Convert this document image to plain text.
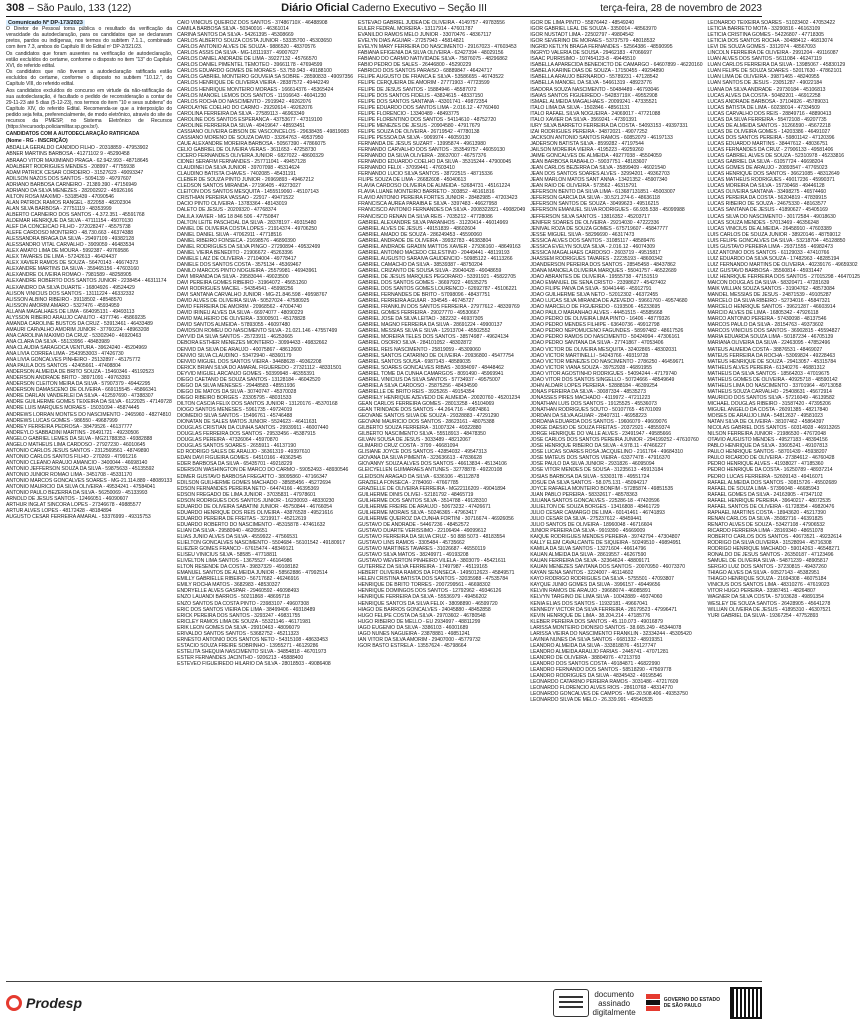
308 – São Paulo, 133 (122)	Diário Oficial Caderno Executivo – Seção III	terça-feira, 28 de novembro de 2023
Comunicado Nº DP-173/2023

O Diretor de Pessoal torna pública o resultado da verificação da veracidade da autodeclaração, para os candidatos que se declararam pretos, pardos ou indígenas, nos termos do subitem 7.1.1., combinado com item 7.3, ambos do Capítulo III do Edital nº DP-2/321/23.

Os candidatos que foram ausentes na verificação de autodeclaração, estão excluídos do certame, conforme o disposto no item "13" do Capítulo XVI, do referido edital.

Os candidatos que não tiveram a autodeclaração ratificada estão excluídos do certame, conforme o disposto no subitem "10.12.", do Capítulo VIII, do referido edital.

Aos candidatos excluídos do concurso em virtude da não-ratificação de sua autodeclaração, é facultado o pedido de reconsideração a contar de 29-11-23 até 5 dias (5-12-23), nos termos do item "10 e seus subitens" do Capítulo XIV, do referido Edital. Recomenda-se que a interposição do pedido seja feita, preferencialmente, de modo eletrônico, através do site de recursos da PMESP, no Sistema Eletrônico de Recursos (https://recursodp.policiamilitar.sp.gov.br/).

CANDIDATOS COM A AUTODECLARAÇÃO RATIFICADA
(Nome - RG - INSCRIÇÃO)
ABDALLA GERALDO CANDIDO FILHO - 20318859 - 47953902
ABNER MARTINS BARBOSA - 41271102 9 - 45290458
ABRAAO VITOR MAXIMIANO PRAGA - 62.942.993 - 48718645
ADALBERT RODRIGUES MENDES - 208997 - 47755938
ADAM PATRICK CESAR CORDEIRO - 31527623 - 49093347
ADILSON NAZOS DOS SANTOS - 5094139 - 49797607
ADRIANO BARBOSA CARNEIRO - 21389.390 - 47156949
ADRIANO DA SILVA MENEZES - 282002922 - 45926166
AILTON ROSA MAXIMO - 53185439 - 47090546
ALAN PATRICK RAMOS RANGEL - 822058 - 48202304
ALAN SILVA BARBOSA - 27751119 - 48353999
ALBERTO CARNEIRO DOS SANTOS - 4.372.351 - 45591768
ALDEMAR HENRIQUE DA SILVA - 47111154 - 45070130
ALEF DA CONCEICAO FILHO - 272028247 - 45575738
ALEFE CARDOSO MONTEIRO - 48.730.663 - 46374388
ALESSANDRA BRAGA DA SILVA - 29497109 - 49382128
ALESSANDRO VITAL CARVALHO - 3909059 - 46483534
ALEX AMATO LIMA DE MOURA - 5992387 - 49769586
ALEX TAVARES DE LIMA - 57242613 - 46424437
ALEX XAVIER RAMOS DE SOUZA - 56470143 - 46674373
ALEXANDRE MARTINS DA SILVA - 359465156 - 47603160
ALEXANDRE OLIVEIRA ROMAO - 7981589 - 48258905
ALEXANDRE ROBERTO DOS SANTOS JUNIOR - 2238454 - 46311174
ALEXANDRO DA SILVA DUARTE - 16804926 - 49524429
ALISON VINICIUS DOS SANTOS - 13111224 - 46332332
ALISSON ALBINO RIBEIRO - 39118502 - 48548570
ALISSON AMORIM AMARO - 5327476 - 45934959
ALLANA MAGALHAES DE LIMA - 664095131 - 49493113
ALYSSON RIBEIRO ARAUJO CANUTO - 4377746 - 45869235
AMANDA CAROLINE BUSTOS DA CRUZ - 53913461 - 46433489
AMAURI CARVALHO AMORIM JUNIOR - 37760224 - 48963208
ANA CAROLINA MAXIMO DA CRUZ - 53302940 - 46920463
ANA CLARA DA SILVA - 55133956 - 48483989
ANA CLAUDIA SARAGOCA VENTURA - 39624240 - 45204969
ANA LIVIA CORREA LIMA - 2543953003 - 47426730
ANA LIVIA GONCALVES PINHEIRO - 25132897 - 45175772
ANA PAULA DOS SANTOS - 42405661 - 47408804
ANDERSON ALMEIDA DE BRITO SOUZA - 15460346 - 45192523
ANDERSON ANDRADE BRITO - 38971091 - 49763393
ANDERSON CLEITON MEIRA DA SILVA - 57907379 - 49442295
ANDERSON DAMASCENO DE OLIVEIRA - 669115545 - 45866341
ANDRE DARLAN VANDERLEI DA SILVA - 412597690 - 47388307
ANDRE GUILHERME GOMES TEIXEIRA DA SILVA - 6122025 - 47149728
ANDRE LUIS MARQUES MORAES - 15031094 - 45874445
ANDREWS LORRAN MONTES DO NASCIMENTO - 2465960 - 48274810
ANDREWS LUCAS GOMES - 986550 - 49687999
ANDREY FERREIRA PEDROSA - 38479526 - 46137777
ANDREYLO SABBADINI MARTINS - 26491721 - 49230506
ANGELO GABRIEL LEMES DA SILVA - MG21788353 - 49382888
ANGELO MATHEUS LIMA CARDOSO - 27927230 - 46010645
ANTONIO CARLOS JESUS SANTOS - 2312569561 - 48749890
ANTONIO CARLOS SANTOS FILHO - 270269 - 47991216
ANTONIO CLEANO ARAUJO AMANCIO - 3400044 - 46698140
ANTONIO JEFFERSON SOUZA DA SILVA - 59875633 - 45135592
ANTONIO JUNIOR ROMAO LIMA - 3451708 - 45331170
ANTONIO MARCOS GONCALVES SOARES - MG-21.114.889 - 48089133
ANTONIO MAURICIO DA SILVA OLIVEIRA - 49534241 - 47584041
ANTONIO PAULO BEZERRA DA SILVA - 56250069 - 45133993
ARNOLD DE JESUS SANTOS - 12466051 - 46090607
ARTHUR INGLAT SINCORA LOPES - 27346678 - 49885577
ARTUR ALVES LOPES - 48172428 - 48184894
AUGUSTO CESAR FERREIRA AMARAL - 53376999 - 49315753
CAIO VINICIUS QUEIROZ DOS SANTOS - 37486710X - 46488908
CAMILA BARBOSA SILVA - 50340016 - 46361014
CARINA SANTOS DA SILVA - 54261395 - 45308669
CARLOS ALBERTO SOUZA COSTA JUNIOR - 53335700 - 45303650
CARLOS ANTONIO ALVES DE SOUZA - 9886520 - 48370576
CARLOS ASSIS DA SILVA - MG-18111937 - 49007627
CARLOS DANIEL ANDRADE DE LIMA - 39227132 - 45766570
CARLOS DANIEL PIMENTEL TEMOTEO - 39661178 - 47694599
CARLOS EDUARDO GOMES DE MORAES - 53.759.943 - 49188100
CARLOS GABRIEL MONTEIRO GOUVEIA SA SOBRE - 28590833 - 49097356
CARLOS HENRIQUE DE OLIVEIRA VIEIRA - 28387572 - 49442249
CARLOS HENRIQUE MONTEIRO MORAES - 166614376 - 45365424
CARLOS MANOEL LEMOS DOS SANTOS - 11916643 - 46041230
CARLOS ROCHA DO NASCIMENTO - 2919942 - 49262076
CAROLAYNE COELHO DO CARMO - 29292614 - 49262076
CAROLINA FERREIRA DA SILVA - 27589113 - 46963349
CAROLINE DOS SANTOS ESPERANCA - 43753677 - 47319100
CAROLINE FERREIRA DA SILVA - 49419647 - 48593451
CASSIANO OLIVEIRA GIBSON DE VASCONCELOS - 29638435 - 49819083
CASSIANO MORENO DE SOUZA DAVID - 33264763 - 49537950
CAUE ALEXANDRE MOREIRA BARBOSA - 50567390 - 47866075
CELIO GABRIEL DE OLIVEIRA VERAS - 3611653 - 47258730
CICERO FERNANDES OLIVEIRA JUNIOR - 6827022 - 48600329
CIDNEI SERAFIM FERNANDES - 257711041 - 49457128
CLAUDINEI DA SILVA JUNIOR - 39707098 - 45314624
CLAUDINO BATISTA CHAVES - 7402085 - 45431191
CLEBER DE SOUZA PINTO JUNIOR - 26969893 - 49467212
CLEDSON SANTOS MIRANDA - 27196405 - 49273027
CLEITON DOS SANTOS MESQUITA - 1455519060 - 45107143
CRISTHIAN PEREIRA VASSAO - 22917 - 49471522
DACIO PINTO OLIVEIRA - 13783364 - 48143019
DALETO DE JESUS - 20209320 - 47768374
DALILA XAVIER - MG 18 846 506 - 47750847
DALTON LEITE PASCHOAL DA SILVA - 28378197 - 49315480
DANIEL DE OLIVEIRA COSTA LOPES - 21914374 - 49706250
DANIEL DANIEL SILVA - 47062911 - 47718516
DANIEL RIBEIRO FONSECA - 21698576 - 46890390
DANIEL RODRIGUES DA SILVA PINGO - 27290894 - 49532499
DANIEL VIEIRA BENEDITO - 21906672 - 45263396
DANIELE LAIZ DE OLIVEIRA - 27104004 - 49778417
DANIELE DOS SANTOS COSTA - 3575134 - 45369467
DANILO MARCOS PINTO NOGUEIRA - 25579981 - 46943961
DAVI MIRANDA DA SILVA - 29583044 - 49023500
DAVI PEREIRA GOMES RIBEIRO - 31964072 - 45651260
DAVI RODRIGUES MACIEL - 54354541 - 45998256
DAVI SANTANA CARVALHO JUNIOR - MG-21.846.598 - 49598767
DAVID ALVES DE OLIVEIRA SILVA - 50527024 - 47580925
DAVID FERREIRA DE AMORIM - 20968562 - 47004740
DAVID IRINEU ALVES DA SILVA - 66974077 - 48090229
DAVID MALHEIRO DE OLIVEIRA - 33000501 - 45178828
DAVID SANTOS ALMEIDA - 57893055 - 46097480
DAVIDSON ROMEU DO NASCIMENTO SILVA - 21.021.146 - 47557499
DAYVID DA SILVA SANTOS - 25723911 - 46253665
DEBORA ESTHER MENEZES MONTEIRO - 30994433 - 49832662
DENVID DA SILVA DE ARAUJO - 40075867 - 48612600
DENVIO SILVA CLAUDINO - 53472940 - 48360179
DENVID MIGUEL DOS SANTOS VIEIRA - 34488628 - 49362208
DERICK BRIAN SILVA DO AMARAL FIGUEREDO - 27321112 - 48331501
DEYVID MIGUEL ARCANJO GOMES - 50399948 - 46355391
DIEGO CAETANO DE SOUZA SANTOS - 13128184 - 46042520
DIEGO DA SILVA MENESES - 29448583 - 48551936
DIEGO DE MATOS DA SILVA - 30740747 - 45370028
DIEGO RIBEIRO BORGES - 23305795 - 48031533
DILTON CASCIA FELIX DOS SANTOS JUNIOR - 13120176 - 45370168
DIOGO SANTOS MENESES - 5961735 - 49724019
DIOMEDIO SILVA SANTOS - 15496761 - 45746488
DIONATAN DE SALES MATOS JUNIOR - 5524623 - 46411631
DOUGLAS CRISTIAN DA CUNHA SANTOS - 29939911 - 46007440
DOUGLAS FERREIRA DOS SANTOS - 29533456 - 45387915
DOUGLAS PEREIRA - 47326064 - 45970870
DOUGLAS SANTOS SOARES - 2655911 - 46137190
ED RODRIGO SALES DE ARAUJO - 36361319 - 49397610
EDAN DAVI FIGUEIRA GOMES - 64510166 - 49362545
EDER BARBOSA DA SILVA - 65435701 - 49218229
EDERSON WASHINGTON DE MARCO DO CARMO - 59052493 - 48930546
EDMER GUSTAVO BARBOSA FREGATTO - 38095860 - 47166347
EDILSON GUILHERME GOMES MACHADO - 38585456 - 45272694
EDSON FERNANDES PEREIRA NETO - 64474166 - 46395369
EDSON FREGADO DE LIMA JUNIOR - 37035831 - 47978601
EDSON RODRIGUES DOS SANTOS JUNIOR - 16230093 - 48330230
EDUARDO DE OLIVEIRA SABATINI JUNIOR - 45750844 - 46766054
EDUARDO HENRIQUE DOS REIS OLIVEIRA - 43876528 - 49521616
EDUARDO PEREIRA DE FREITAS - 3219917 - 45212619
EDUARDO ROBERTO DO NASCIMENTO - 45315878 - 47461632
ELIAN DA SILVA - 29580940 - 46205651
ELIAS JUNIO ALVES DA SILVA - 4559922 - 47566531
ELIELTON GONCALVES NASCIMENTO - 5504684 - 56101542 - 49180917
ELIEZER GOMES FRANCO - 67615474 - 48349121
ELISEU VINICIUS SILVA - 58585 - 47718811
ELIVELTON LIMA SANTOS - 13675527 - 46164986
ELTON RESENDE DA COSTA - 39837329 - 49108182
EMANUEL SANTOS DE ALMEIDA JUNIOR - 58562886 - 47992514
EMILLY GABRIELLE RIBEIRO - 56717682 - 46246916
EMILY ROCHA MATOS - 3682983 - 48530327
ENDRYELLE ALVES GASPAR - 29460592 - 46098493
ENZO LAUANDI BARROS - 50211868 - 48695718
ENZO SANTOS DA COSTA PINTO - 23983107 - 49607308
ERIC DOS SANTOS VIEIRA DE LIMA - 38499406 - 49318489
ERICK PEREIRA DOS SANTOS - 3293247 - 49831755
ERICLEY RAMOS LIMA DE SOUZA - 55321146 - 46171981
ERIK LEON GOMES DA SILVA - 29910463 - 48096079
ERIVALDO SANTOS SANTOS - 53682752 - 45211323
ERNESTO ANTONIO DOS SANTOS NETO - 54315108 - 48633453
ESTACIO SOUZA FREIRE SOBRINHO - 13955271 - 46129286
ESTELITA SHEQUIA NASCIMENTO SILVA - 34854818 - 46701973
ESTER FERNANDES JACINTHO - 9206213 - 45888400
ESTEVEO FIGUEIREDO HILARIO DA SILVA - 28018503 - 49086408
ESTEVAO GABRIEL JUDEA DE OLIVEIRA - 4149757 - 49783556
EULER FEDRAL MOREIRA - 13117914 - 47601787
EVANILDO RAMOS MELO JUNIOR - 33070476 - 48367117
EVELYN DIAS AGUIAR - 27257943 - 45814821
EVELYN MARY FERREIRA DO NASCIMENTO - 29167023 - 47603453
FABIANA EFIGENIA DA SILVA OLIVEIRA - 62427394 - 48029156
FABIANO DO CARMO NATIVIDADE SILVA - 75876075 - 48296862
FABIO PEDRO DE SALES - 26446800 - 45290229
FABRICIO DOS SANTOS PARAISO - 68889847 - 46424717
FELIPE AUGUSTO DE FRANCA E SILVA - 53586655 - 46743522
FELIPE CERQUEIRA DE AMORIM - 27771903 - 47723599
FELIPE DE JESUS SANTOS - 15884946 - 45587072
FELIPE DOS SANTOS FIDELIS - 43824615 - 48337150
FELIPE DOS SANTOS SANTANA - 43301741 - 49872354
FELIPE EDUARDO DOS SANTOS LIMA - 2.016.12 - 47760460
FELIPE FLORENCIO - 13340489 - 48493775
FELIPE FLORENTINO DOS SANTOS - 54114610 - 48752720
FELIPE MENEZES DE JESUS - 20904580 - 47917679
FELIPE SOUZA DE OLIVEIRA - 26719542 - 47780138
FELIPE PESSOA DA SILVA - 9069974 - 46059130
FERNANDA DE JESUS SUZART - 13995874 - 49613980
FERNANDO CARVALHO DOS SANTOS - 353549757 - 46059130
FERNANDO DA SILVA OLIVEIRA - 28637007 - 46757376
FERNANDO EDUARDO COELHO DA SILVA - 35315244 - 47900045
FERNANDO FELIX - 37099441 - 47603410
FERNANDO LUCIO SILVA SANTOS - 38722515 - 48715336
FILIPE SOUZA DE LIMA - 26682608 - 45040613
FLAVIA CARDOSO OLIVEIRA DE ALMEIDA - 52684731 - 45161224
FLAVIA LUANE MONTEIRO BARRETO - 303852 - 46161816
FLAVIO ANTONIO PEREIRA FORTES JUNIOR - 28482985 - 47203423
FRANCISCA AUREA PARAIBA E SILVA - 3397483 - 46627958
FRANCISCO ANTONIO FERNANDES DA SILVA - 2008322821 - 49082049
FRANCISCO RENAN DA SILVA REIS - 7035212 - 47728086
GABRIEL ALEXANDRE SILVA PARANHOS - 31220414 - 46014969
GABRIEL ALVES DE JESUS - 49151839 - 48602604
GABRIEL AMADO DE SOUZA - 286249453 - 45590060
GABRIEL ANDRADE DE OLIVEIRA - 39932783 - 46383804
GABRIEL ANDRADE GRADIN MATTOS XAVIER - 27936160 - 48649163
GABRIEL ANTONIO MACEDO CELESTINO - 20449441 - 48119193
GABRIEL AUGUSTO SARAIVA GAUDENCIO - 50985122 - 46113266
GABRIEL CAMACHO DA SILVA - 38539387 - 48750204
GABRIEL CRIZANTO DE SOUSA SILVA - 29040428 - 49048659
GABRIEL DE JESUS MARQUES PEGORARO - 53391921 - 45822705
GABRIEL DOS SANTOS GOMES - 36697922 - 46535275
GABRIEL DOS SANTOS GOMES LOURENCO - 62692787 - 45106221
GABRIEL FERNANDES DE BRITO - 57098096 - 48437751
GABRIEL FERREIRA AGUIAR - 334545 - 46745727
GABRIEL FRANKLIN DOS SANTOS FERREIRA - 27977612 - 48339769
GABRIEL GOMES FERREIRA - 29027770 - 49530667
GABRIEL JOSE DA SILVA LEITAO - 382232 - 46937305
GABRIEL MAGNO FERREIRA DA SILVA - 28691224 - 49900137
GABRIEL MESSIAS SILVA E SILVA - 12913704 - 45502552
GABRIEL MOREIRA TELES DOS SANTOS - 38574987 - 49624134
GABRIEL OSORIO SILVA - 284101052 - 48302872
GABRIEL REIS NASCIMENTO - 25819059 - 45309060
GABRIEL SANTOS CATARINO DE OLIVEIRA - 20936800 - 45477754
GABRIEL SANTOS SOUSA - 6987143 - 48589035
GABRIEL SOARES GONCALVES RIBAS - 30384097 - 48448462
GABRIEL TOME DA CUNHA CAMARGOS - 8091490 - 45969941
GABRIEL VINICIUS DA SILVA SANTOS - 57734937 - 49575007
GABRIELA SILVA CARDOSO - 25875256 - 48434590
GABRIELLE DE BRITO REIS - 3925265 - 49154354
GABRIELY HENRIQUE AZEVEDO DE ALMEIDA - 20020760 - 45201234
GEAN CARLOS FERREIRA GOMES - 28013258 - 45104069
GEAN TRINDADE DOS SANTOS - 44.264.716 - 49874861
GEOVANE SANTOS SILVA DE SOUZA - 29328883 - 47291290
GEOVANI MAURICIO DOS SANTOS - 28623161 - 48075388
GILBERTO SOUZA FERREIRA - 31007324 - 49322880
GILBERTO NASCIMENTO SILVA - 55518913 - 48478350
GILVAN SOUSA DE JESUS - 3033489 - 48212067
GLIMARIO CRUZ COSTA - 3799 - 46681094
GLISIANE JOYCE DOS SANTOS - 42854032 - 49547313
GIOVANA DA SILVA PIMENTA - 323636613 - 47836628
GIOVANNY SOUZA ALVES DOS SANTOS - 46613834 - 45134106
GLEICYELLEN GUIMARAES ANTUNES - 32778878 - 49220108
GLEIDSON ARAGAO DA SILVA - 6336106 - 45112878
GRAZIELA FONSECA - 2784060 - 47667785
GRAZIELLE DE OLIVEIRA FERREIRA - MG22116209 - 49041894
GUILHERME DINIS OLIVEI - 52181792 - 48465719
GUILHERME DOS SANTOS SILVA - 3514788 - 49128310
GUILHERME FREIRE DE ARAUJO - 50673232 - 47426671
GUILHERME MORAIS SILVA - 50246365 - 47963417
GUILHERME QUEIROZ DA CUNHA FORTINI - 30716674 - 46926056
GUSTAVO DE ANDRADE - 54467236 - 48452572
GUSTAVO DUARTE VERISSIMO - 22106494 - 49099612
GUSTAVO FERREIRA DA SILVA CRUZ - 50 888 5073 - 48183554
GUSTAVO LINS RAMOS - 3305484 - 45735662
GUSTAVO MARTINES TAVARES - 31026687 - 46550119
GUSTAVO SILVA MATOS - 38249971 - 49193208
GUSTAVO WEVERTON PINHEIRO VILELA - 3803079 - 45421611
GUTERREZ DA SILVA FERREIRA - 17497987 - 45119165
HEBERT OLIVEIRA RAMOS DA FONSECA - 1495012623 - 45849571
HELEN CRISTINA BATISTA DOS SANTOS - 32035988 - 47535784
HENRIQUE DE BRITO TORRES - 2007299561 - 46698302
HENRIQUE DOMINGOS DOS SANTOS - 12792962 - 49346126
HENRIQUE FERREIRA DA SILVA - 55536979 - 49456202
HENRIQUE SANTOS DA SILVA FELIX - 38098890 - 46599720
HIAGO DE BARROS GONCALVES - 24045880 - 48452858
HUGO FELIPE COSTA DA SILVA - 29703602 - 46780548
HUGO RIBEIRO DE MELLO - EU 2934997 - 48811299
IAGO EUGENIO DA SILVA - 3386103 - 46001689
IAGO NUNES NAGUEIRA - 23878881 - 49851241
IAN VITOR DA SILVA AMORIM - 29407000 - 45779732
IGOR BASTO ESTRELA - 13557624 - 45798664
IGOR DE LIMA PINTO - 55876442 - 48549240
IGOR GABRIEL LEAL DE SOUZA - 3350014 - 48563970
IGOR NUSTADT LIMA - 22502797 - 49804542
IGOR SEVERINO DE MORAES - 53737579 - 48018532
INGRID KETLYN BRAGA FERNANDES - 52564386 - 48590995
INGRYD VALERIA DE SOUSA - 29462183 - 47066697
ISAAC PURRISIMO - 107454123-8 - 49445510
ISABELLA APARECIDA BENEDICTO DE CAMARGO - 64607899 - 46220160
ISABELA KARINE DIAS DE SOUZA - 17150455 - 49294890
ISABELLA ARAUJO BERNARDO - 55789231 - 47128542
ISABELLA MANOEL DA SILVA - 54661319 - 48923776
ISADORA SOUZA NASCIMENTO - 50484489 - 46793046
ISAIAS SANTOS FIGUEIREDO - 54283719X - 49552908
ISMAEL ALMEIDA MAGALHAES - 20099241 - 47335521
ITALO LIMA DA SILVA - 1502846 - 48561131
ITALO RAFAEL SILVA NOGUEIRA - 24069017 - 47721088
ITALO XAVIER DA SILVA - 3569241 - 47391391
IURY SILVA BARRETO FERREIRA DA COSTA - 54093153 - 49397331
IZAI RODRIGUES PEREIRA - 34872021 - 49077252
JACKSON ANTONIO SANTOS RAMOS - 60852079 - 46197133
JADERSON BATISTA SILVA - 8599282 - 47197544
JAILSON MOREIRA VIEIRA - 4195223 - 49259260
JAIME GONCALVES DE ALMEIDA - 49277038 - 45504059
JEAN BARBOSA RABAHLO - 59037751 - 48183607
JEAN CARLOS BEZERRA DA SILVA - 35899409 - 46021540
JEAN DOS SANTOS SOARES ALVES - 32994201 - 49362703
JEAN MARLON MATOS SANT ANNA - 13421352 - 45907340
JEAN RAIO DE OLIVEIRA - 573562 - 46315791
JEFERSON BENTO DA SILVA LIMA - 613687131851 - 45003007
JEFERSON GARCIA DA SILVA - 30.521.274-6 - 48636118
JEFERSON SANTOS DE SOUZA - 30499623 - 49516215
JEFERSON EMANUEL SILVA RODRIGUES - 66.935.538 - 45099988
JEFFERSON SILVA SANTOS - 13816352 - 45203717
JENIFER SOARES DE OLIVEIRA - 29214030 - 47222336
JENIVAL ROZA DE SOUZA GOMES - 675719607 - 45847777
JESSE MIGUEL SILVA - 58296690 - 46317473
JESSICA ALVES DOS SANTOS - 31085117 - 48589476
JESSICA EVELYN SOUZA SILVA - 2.016.12 - 46074309
JESSICA MAGALHAES CARDOSO - 2603719 - 49515817
JHASSEM RODRIGUES TAVARES - 22235193 - 48600342
JOANDERSON PEREIRA DOS SANTOS - 28545458 - 48437862
JOANA MANOELA OLIVEIRA MARQUES - 55041757 - 46522689
JOAO ABRANTES DE OLIVEIRA - 19555738 - 47151519
JOAO EMANUEL DE SENA CRISTO - 23398627 - 45427402
JOAO FILIPE PAIVA DA SILVA - 50441446 - 45912791
JOAO GUILHERME SILVA NETO - 52012302 - 46372455
JOAO LUCAS SILVA MIRANDA DE AZEVEDO - 59661760 - 49574680
JOAO MARCELO DE FIGUEREDO - 6193506 - 45233695
JOAO PAULO MARANHAO ALVES - 44451515 - 45585668
JOAO PEDRO DE OLIVEIRA LIMA PINTO - 16406 - 48779326
JOAO PEDRO MENDES FILHIPE - 63640736 - 49912798
JOAO PEDRO NEPOMUCENO FAGUNDES - 58997482 - 48617526
JOAO PEDRO RAMOS DO NASCIMENTO - 50424994 - 47306161
JOAO PEDRO SANTANA DA SILVA - 27741867 - 47053406
JOAO VICTOR DE OLIVEIRA MESQUITA - 32402865 - 48302031
JOAO VICTOR MARTINELLI - 54243766 - 49319728
JOAO VICTOR MENEZES DO NASCIMENTO - 2786250 - 46459671
JOAO VICTOR VIANA SOUZA - 39752928 - 46891955
JOAO VITOR AGOSTINHO RODRIGUES - 54094244 - 47179740
JOAO VITOR DOS SANTOS SINGELLO - 50724666 - 48549649
JOHN ALDAIR LOPES PEREIRA - 52888184 - 46399254
JONAS PEREIRA DA SILVA - 30087334 - 48535273
JONASSES PIRES MACHADO - 4119972 - 47211223
JONATHAN LUIS DOS SANTOS - 19125525 - 45536073
JONATHAN RODRIGUES SOUTO - 50107765 - 45701009
JORDAN DA SILVA AGUIAR - 28407311 - 46958223
JORDANA EDUARDA DOS SANTOS - 19606079 - 49609076
JORGE DAESIO DE SOUZA FREITAS - 20372921 - 48559374
JORGE HENRIQUE DO VALLE ALVES - 23491947 - 49585666
JOSE CARLOS DOS SANTOS PEREIRA JUNIOR - 294199252 - 47610760
JOSE HENRIQUE RIBEIRO DA SILVA - 4.978.11 - 47466227
JOSE LUCAS SOARES ROSA JACQUELINO - 2161764 - 49684310
JOSE MATEUS DOS SANTOS VIEIRA - 63377478 - 47916370
JOSE PAULO DA SILVA JUNIOR - 2931826 - 46095094
JOSE VITOR MENDES DE SOUSA - 31235613 - 45913184
JOSIAS BARBOSA DA SILVA - 53303178 - 49551724
JOSUE DA SILVA SANTOS - 58.075.131 - 45094217
JOYCE RAFAELA MONTEIRO BONFIM - 57285874 - 49851535
JUAN PABLO PEREIRA - 58332617 - 48578363
JULIANA SANTOS GONCALVES - 225286-18 - 47420596
JULIELTON DE SOUZA BORGES - 13416808 - 48461729
JULIO CESAR CAMARGO DE LIMA - 60141461 - 46741893
JULIO CESAR DA SILVA - 275237612 - 48459441
JULIO SANTOS DE OLIVEIRA - 18960048 - 46716604
JUNIOR PEREIRA DA SILVA - 9919390 - 45669009
KAIQUE RODRIGUES MENDES PEREIRA - 39742794 - 47304807
KALLY ELEM CAVALCANTE DE SIQUEIRA - 50249510 - 49894951
KAMILA DA SILVA SANTOS - 13271604 - 46614796
KAUAN ALMEIDA DA SILVA - 28619557 - 46267590
KAUAN FERREIRA DA SILVA - 32364624 - 48809171
KAUAN MENEZES SANTANA DOS SANTOS - 20070950 - 46073370
KAYAN SENA SANTOS - 3224007 - 46114602
KAYO RODRIGO RODRIGUES DA SILVA - 5755501 - 47093807
KAYQUE JUNIO GOMES DA SILVA - 3996157 - 49449656
KELVIN RAMOS DE ARAUJO - 39668074 - 46085891
KELVYN TARGINO DE LIMA SILVA - 10042889 - 49374060
KENIA ELIAS DOS SANTOS - 11932181 - 49667041
KENNEDY VICTOR DA SILVA FERREIRA - 28179523 - 47996471
KEVIN HENRIQUE DE LIMA - 38.204.214 - 47185776
KLEBER PEREIRA DOS SANTOS - 45.110.073 - 49016879
LARISSA MONTEIRO DIONISIO SANTOS - 38.665.249 - 45344078
LARISSA VIEIRA DO NASCIMENTO FRANKLIN - 32334244 - 45305420
LAVINIA NUNES DA SILVA SANTOS - 6681332 - 48919351
LEANDRO ALMEIDA DA SILVA - 333818876 - 45127747
LEANDRO ALMEIDA ARAUJO FARIAS - 2445741 - 47071281
LEANDRO DE OLIVEIRA - 38804976 - 47213793
LEANDRO DOS SANTOS COSTA - 49184871 - 46822990
LEANDRO FERNANDO DOS SANTOS - 58518290 - 47569778
LEANDRO RODRIGUES DA SILVA - 48345432 - 49195546
LEONARDO CATARINO PEREIRA RAMOS - 3031486 - 47217609
LEONARDO FLORENCIO ALVES RIOS - 28610768 - 48314770
LEONARDO GONCALVES DE CAMPOS - MG-20.508.406 - 49353750
LEONARDO SILVA DE MELO - 26.339.991 - 45540535
LEONARDO TEIXEIRA SOARES - 51023402 - 47053422
LETICIA BARRETO MOTA - 33290816 - 46163109
LETICIA CRISTINA GOMES - 54226807 - 47718305
LETICIA DOS SANTOS ROCHA - 30488412 - 46813074
LEVI DE SOUZA GOMES - 3312074 - 48567093
LINCOLN FERREIRA DE OLIVEIRA - 2991204 - 49116087
LUAN ALVES DOS SANTOS - 5611084 - 46247119
LUAN CARLOS FERREIRA DA SILVA - 13985067 - 45830129
LUAN FELIPE DE SOUZA SOARES - 52017630 - 47862101
LUAN LIMA DE OLIVEIRA - 39871465 - 48240955
LUAN SANTOS DE JESUS - 23051287 - 49022184
LUANA DA SILVA ANDRADE - 29730184 - 45106813
LUCAS ALVES DA COSTA - 50482201 - 46912258
LUCAS ANDRADE BARBOSA - 37104926 - 45789031
LUCAS BATISTA DE LIMA - 60238014 - 47334509
LUCAS CARVALHO DOS REIS - 28849716 - 48890413
LUCAS DA SILVA FERREIRA - 55472108 - 49207735
LUCAS DE ALMEIDA SANTOS - 31266590 - 45672218
LUCAS DE OLIVEIRA GOMES - 14203386 - 46491027
LUCAS DOS SANTOS PEREIRA - 59801142 - 47120396
LUCAS EDUARDO MARTINS - 38447612 - 48036751
LUCAS FERNANDES DA CRUZ - 27906133 - 49581406
LUCAS GABRIEL ALVES DE SOUZA - 52310978 - 45233816
LUCAS GABRIEL DA SILVA - 61057724 - 46698204
LUCAS GOMES DE ARAUJO - 20893547 - 47765023
LUCAS HENRIQUE DOS SANTOS - 36621085 - 48312649
LUCAS MATHEUS RODRIGUES - 49017236 - 45990371
LUCAS MOREIRA DA SILVA - 15730468 - 49446128
LUCAS OLIVEIRA SANTANA - 33498275 - 46574460
LUCAS PEREIRA DA COSTA - 56204819 - 47839915
LUCAS RIBEIRO DE SOUZA - 24675330 - 48163577
LUCAS SANTANA DE JESUS - 41890627 - 45405169
LUCAS SILVA DO NASCIMENTO - 30172584 - 49018630
LUCAS SOUZA MENDES - 57013469 - 46356248
LUCAS VINICIUS DE ALMEIDA - 26458910 - 47603389
LUIS CARLOS DE SOUZA JUNIOR - 38920146 - 48759012
LUIS FELIPE GONCALVES DA SILVA - 53218704 - 45128850
LUIS GUSTAVO PEREIRA LIMA - 29371555 - 46982473
LUIZ ANTONIO DOS SANTOS - 61129033 - 47410766
LUIZ EDUARDO DA SILVA SOUZA - 17482963 - 48285194
LUIZ FERNANDO MARTINS DE OLIVEIRA - 40239176 - 49659302
LUIZ GUSTAVO BARBOSA - 35560814 - 45931447
LUIZ HENRIQUE FERREIRA DOS SANTOS - 27015298 - 46470125
MAICON DOUGLAS DA SILVA - 58320471 - 47281639
MAIK WILLIAN SOUZA SANTOS - 31904762 - 48573084
MANOEL MESSIAS DE JESUS - 24871539 - 49105287
MARCELO DA SILVA RIBEIRO - 52734016 - 45847321
MARCELO HENRIQUE SANTOS - 39621287 - 46603914
MARCIO ALVES DE LIMA - 16805342 - 47926118
MARCO ANTONIO PEREIRA - 57430098 - 48137546
MARCOS PAULO DA SILVA - 28154763 - 49373602
MARCOS VINICIUS DOS SANTOS - 36902815 - 45594827
MARIA EDUARDA SOUZA LIMA - 50187234 - 46705139
MARIANA OLIVEIRA DA SILVA - 22463095 - 47852496
MATEUS ALMEIDA COSTA - 38876531 - 48469027
MATEUS FERREIRA DA ROCHA - 53069824 - 49228463
MATEUS HENRIQUE DE SOUZA - 29413057 - 45315784
MATHEUS ALVES PEREIRA - 61340276 - 46881312
MATHEUS DA SILVA SANTOS - 18564203 - 47019675
MATHEUS GOMES DE OLIVEIRA - 40925718 - 48590142
MATHEUS LIMA DO NASCIMENTO - 33701964 - 49713058
MATHEUS SOUZA CARVALHO - 25408631 - 45672914
MAURICIO DOS SANTOS SILVA - 57216049 - 46139582
MICHAEL DOUGLAS RIBEIRO - 31587420 - 47395206
MIGUEL ANGELO DA COSTA - 26091385 - 48217840
MOISES DE ARAUJO LIMA - 54812637 - 49581023
NATAN SILVA DE OLIVEIRA - 38107462 - 45864397
NICOLAS GABRIEL DOS SANTOS - 60314928 - 46913265
NILSON FERREIRA JUNIOR - 21986530 - 47672048
OTAVIO AUGUSTO MENDES - 49527183 - 48394156
PABLO HENRIQUE DA SILVA - 33605241 - 49107813
PAULO HENRIQUE SANTOS - 58701439 - 45938207
PAULO RICARDO DE OLIVEIRA - 27384612 - 46760428
PEDRO HENRIQUE ALVES - 41938027 - 47185360
PEDRO HENRIQUE DA COSTA - 16250789 - 48937214
PEDRO LUCAS FERREIRA - 52609143 - 49416071
RAFAEL ALMEIDA DOS SANTOS - 30815726 - 45502689
RAFAEL DE SOUZA LIMA - 57396048 - 46685943
RAFAEL GOMES DA SILVA - 24163905 - 47347102
RAFAEL HENRIQUE PEREIRA - 39640217 - 48072535
RAFAEL SANTOS DE OLIVEIRA - 61728354 - 49820476
RAPHAEL MARTINS COSTA - 18943620 - 45217390
RENAN CARLOS DA SILVA - 35082716 - 46391825
RENATO ALVES DE SOUZA - 53427108 - 47906532
RICARDO FERREIRA LIMA - 28169340 - 48651078
ROBERTO CARLOS DOS SANTOS - 40673521 - 49232614
RODRIGO DA SILVA OLIVEIRA - 31528094 - 45716308
RODRIGO HENRIQUE MACHADO - 59014263 - 46548271
RONALDO DE JESUS SANTOS - 26350187 - 47123496
SAMUEL DE OLIVEIRA SILVA - 54871239 - 48905817
SERGIO LUIZ DOS SANTOS - 37230815 - 49437260
THIAGO ALVES DA SILVA - 60527143 - 45382951
THIAGO HENRIQUE SOUZA - 21694308 - 46075184
VINICIUS DOS SANTOS LIMA - 48310276 - 47619023
VITOR HUGO PEREIRA - 33987451 - 48264807
WAGNER DA SILVA COSTA - 57103628 - 49891354
WESLEY DE SOUZA SANTOS - 26428905 - 45641278
WILLIAN OLIVEIRA DE JESUS - 41895310 - 46307521
YURI GABRIEL DA SILVA - 19367254 - 47752893
Prodesp
documento
assinado
digitalmente
GOVERNO DO ESTADO
DE SÃO PAULO
